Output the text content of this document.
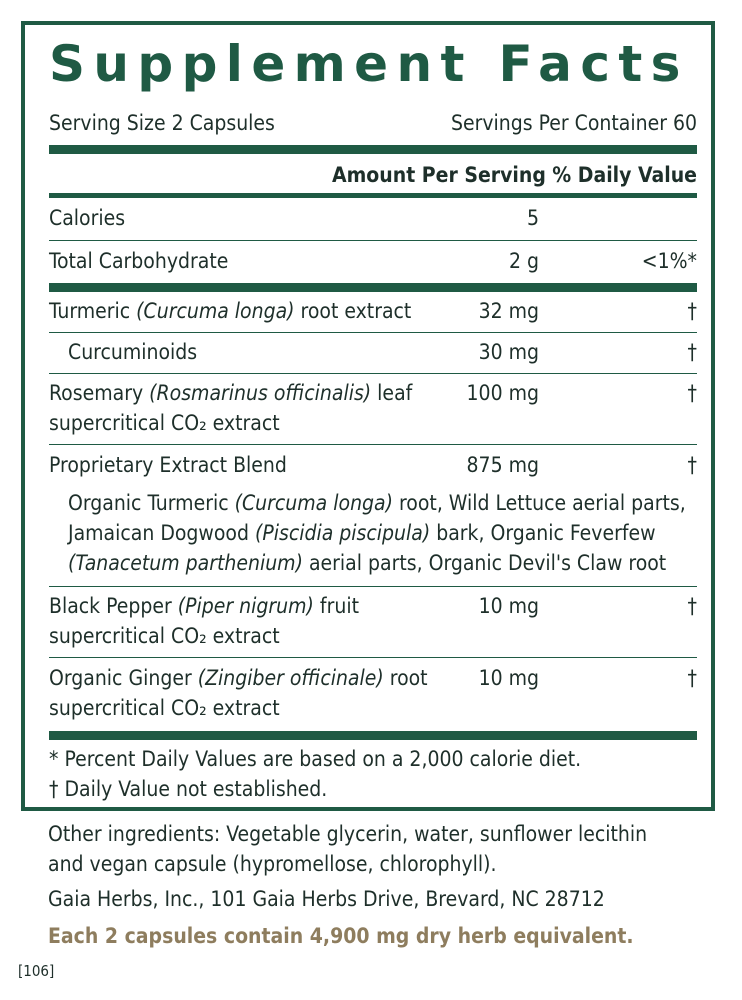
Supplement Facts
Serving Size 2 Capsules	Servings Per Container 60
Amount Per Serving % Daily Value
Calories	5
Total Carbohydrate	2 g	<1%*
Turmeric (Curcuma longa) root extract	32 mg	†
Curcuminoids	30 mg	†
Rosemary (Rosmarinus officinalis) leaf
supercritical CO₂ extract
100 mg	†
Proprietary Extract Blend	875 mg	†
Organic Turmeric (Curcuma longa) root, Wild Lettuce aerial parts,
Jamaican Dogwood (Piscidia piscipula) bark, Organic Feverfew
(Tanacetum parthenium) aerial parts, Organic Devil's Claw root
Black Pepper (Piper nigrum) fruit
supercritical CO₂ extract
10 mg	†
Organic Ginger (Zingiber officinale) root
supercritical CO₂ extract
10 mg	†
* Percent Daily Values are based on a 2,000 calorie diet.
† Daily Value not established.
Other ingredients: Vegetable glycerin, water, sunflower lecithin
and vegan capsule (hypromellose, chlorophyll).
Gaia Herbs, Inc., 101 Gaia Herbs Drive, Brevard, NC 28712
Each 2 capsules contain 4,900 mg dry herb equivalent.
[106]
